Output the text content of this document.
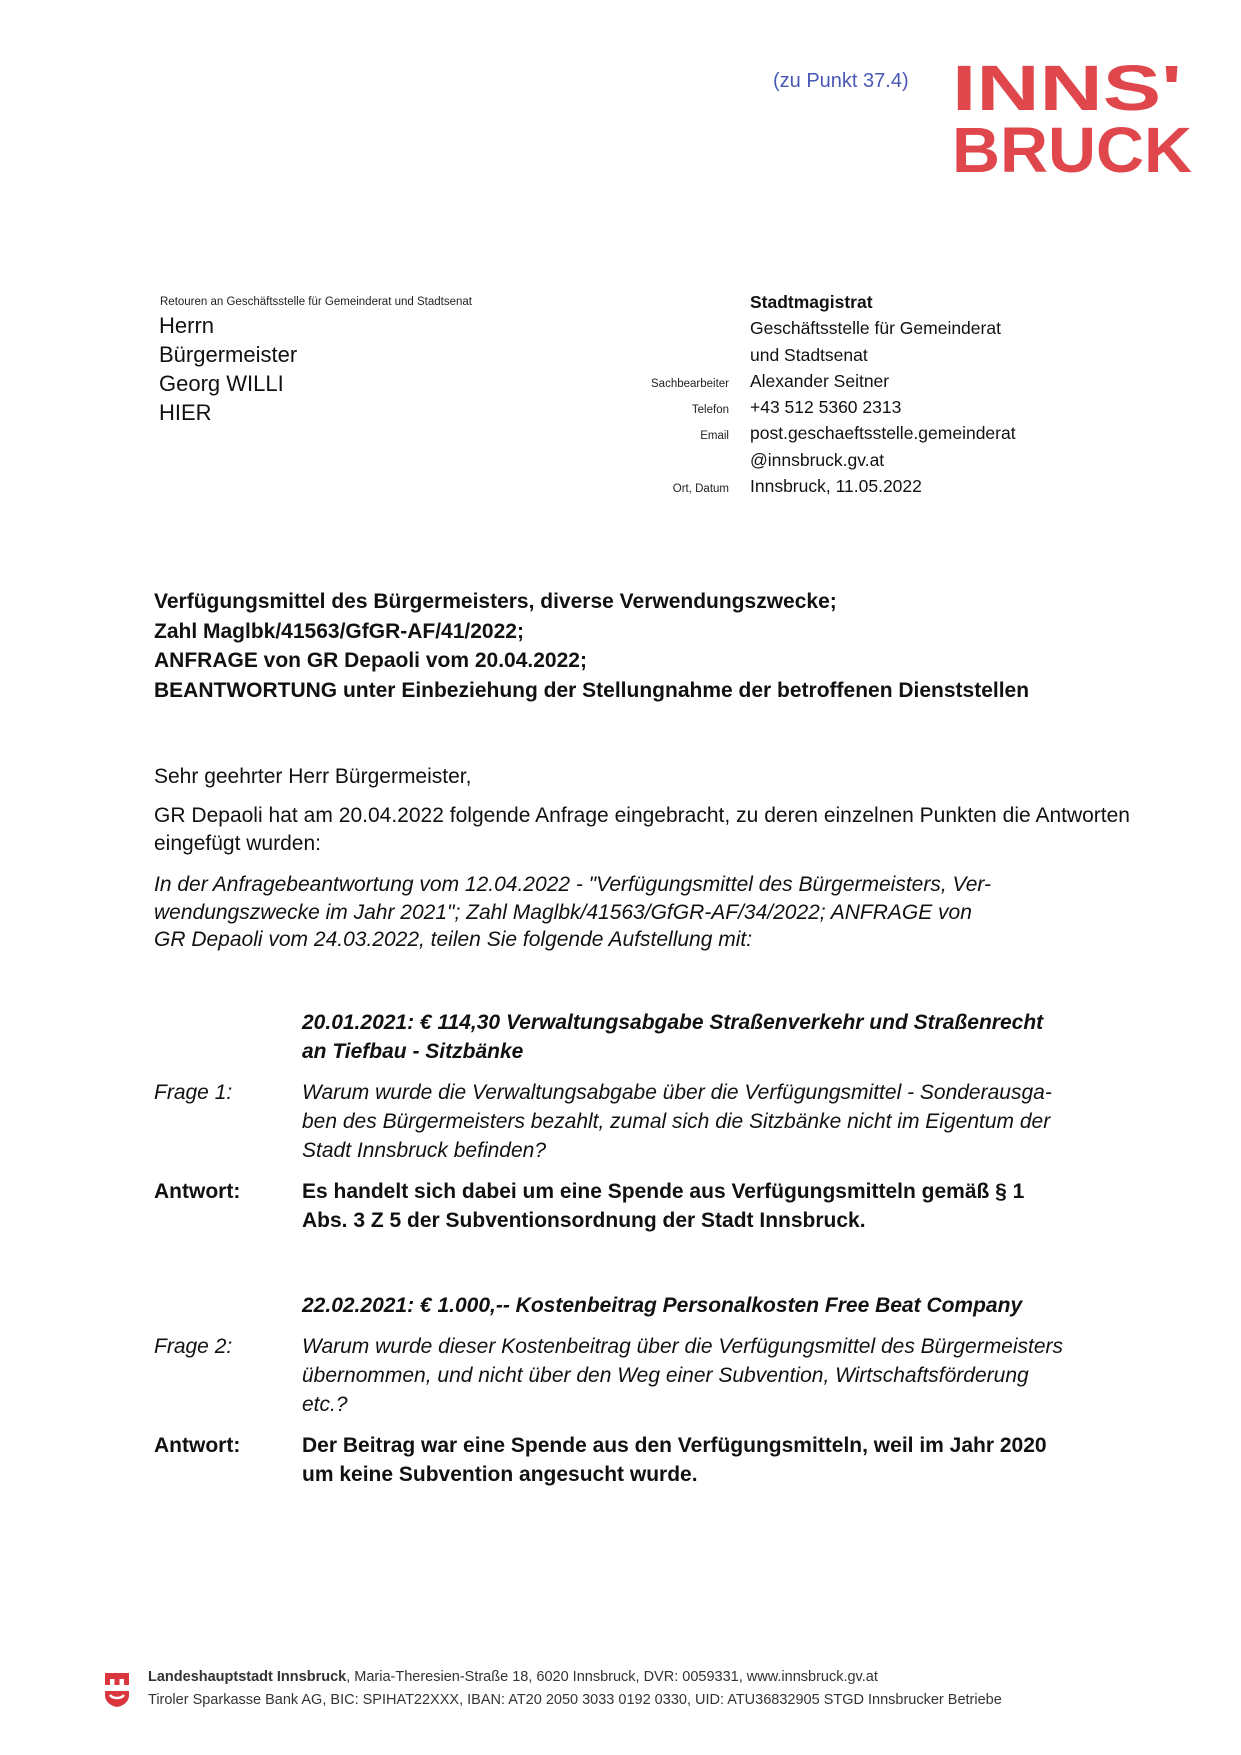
(zu Punkt 37.4) INNS'
BRUCK
Retouren an Geschäftsstelle für Gemeinderat und Stadtsenat
Herrn
Bürgermeister
Georg WILLI
HIER
Stadtmagistrat
Geschäftsstelle für Gemeinderat
und Stadtsenat
Sachbearbeiter	Alexander Seitner
Telefon	+43 512 5360 2313
Email	post.geschaeftsstelle.gemeinderat
@innsbruck.gv.at
Ort, Datum	Innsbruck, 11.05.2022
Verfügungsmittel des Bürgermeisters, diverse Verwendungszwecke;
Zahl Maglbk/41563/GfGR-AF/41/2022;
ANFRAGE von GR Depaoli vom 20.04.2022;
BEANTWORTUNG unter Einbeziehung der Stellungnahme der betroffenen Dienststellen
Sehr geehrter Herr Bürgermeister,
GR Depaoli hat am 20.04.2022 folgende Anfrage eingebracht, zu deren einzelnen Punkten die Antworten eingefügt wurden:
In der Anfragebeantwortung vom 12.04.2022 - "Verfügungsmittel des Bürgermeisters, Ver-
wendungszwecke im Jahr 2021"; Zahl Maglbk/41563/GfGR-AF/34/2022; ANFRAGE von
GR Depaoli vom 24.03.2022, teilen Sie folgende Aufstellung mit:
20.01.2021: € 114,30 Verwaltungsabgabe Straßenverkehr und Straßenrecht
an Tiefbau - Sitzbänke
Frage 1:	Warum wurde die Verwaltungsabgabe über die Verfügungsmittel - Sonderausga-
ben des Bürgermeisters bezahlt, zumal sich die Sitzbänke nicht im Eigentum der
Stadt Innsbruck befinden?
Antwort:	Es handelt sich dabei um eine Spende aus Verfügungsmitteln gemäß § 1
Abs. 3 Z 5 der Subventionsordnung der Stadt Innsbruck.
22.02.2021: € 1.000,-- Kostenbeitrag Personalkosten Free Beat Company
Frage 2:	Warum wurde dieser Kostenbeitrag über die Verfügungsmittel des Bürgermeisters
übernommen, und nicht über den Weg einer Subvention, Wirtschaftsförderung
etc.?
Antwort:	Der Beitrag war eine Spende aus den Verfügungsmitteln, weil im Jahr 2020
um keine Subvention angesucht wurde.
Landeshauptstadt Innsbruck, Maria-Theresien-Straße 18, 6020 Innsbruck, DVR: 0059331, www.innsbruck.gv.at
Tiroler Sparkasse Bank AG, BIC: SPIHAT22XXX, IBAN: AT20 2050 3033 0192 0330, UID: ATU36832905 STGD Innsbrucker Betriebe
